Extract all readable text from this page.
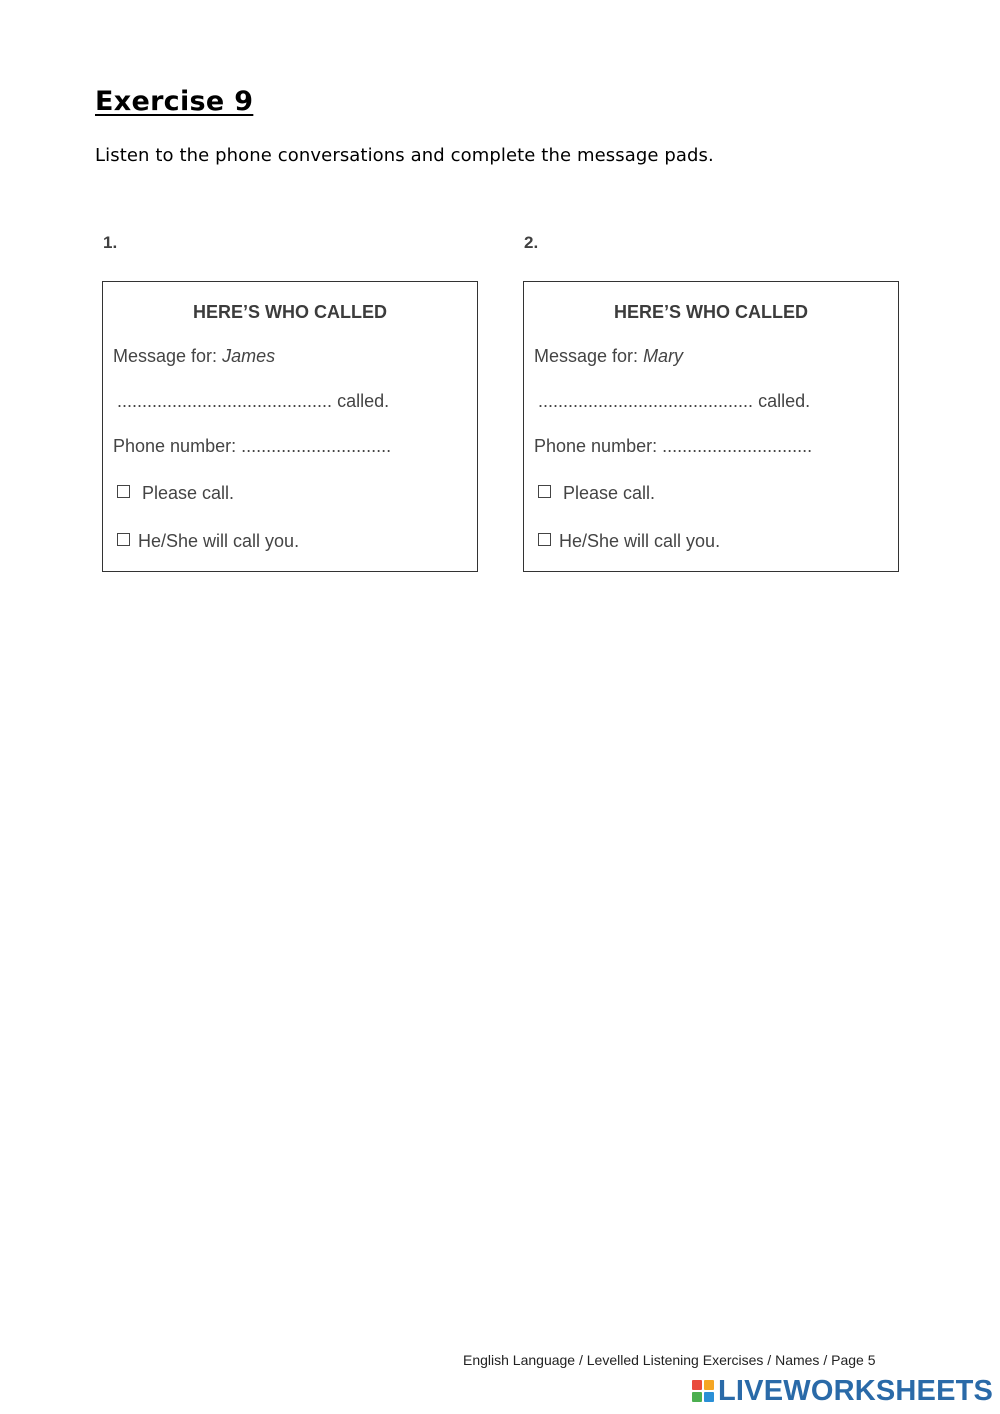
Exercise 9
Listen to the phone conversations and complete the message pads.
1.
HERE’S WHO CALLED
Message for: James
........................................... called.
Phone number: ..............................
Please call.
He/She will call you.
2.
HERE’S WHO CALLED
Message for: Mary
........................................... called.
Phone number: ..............................
Please call.
He/She will call you.
English Language / Levelled Listening Exercises / Names / Page 5
LIVEWORKSHEETS
